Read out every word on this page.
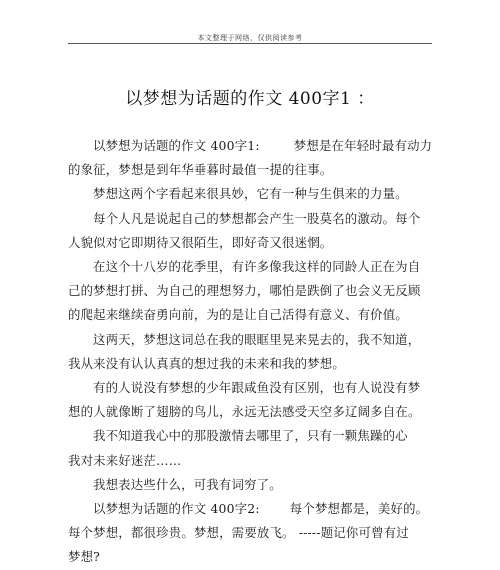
本文整理于网络，仅供阅读参考
以梦想为话题的作文 400字1 ：
以梦想为话题的作文 400字1:	梦想是在年轻时最有动力
的象征，梦想是到年华垂暮时最值一提的往事。
梦想这两个字看起来很具妙，它有一种与生俱来的力量。
每个人凡是说起自己的梦想都会产生一股莫名的激动。每个
人貌似对它即期待又很陌生，即好奇又很迷惘。
在这个十八岁的花季里，有许多像我这样的同龄人正在为自
己的梦想打拼、为自己的理想努力，哪怕是跌倒了也会义无反顾
的爬起来继续奋勇向前，为的是让自己活得有意义、有价值。
这两天，梦想这词总在我的眼眶里晃来晃去的，我不知道，
我从来没有认认真真的想过我的未来和我的梦想。
有的人说没有梦想的少年跟咸鱼没有区别，也有人说没有梦
想的人就像断了翅膀的鸟儿，永远无法感受天空多辽阔多自在。
我不知道我心中的那股激情去哪里了，只有一颗焦躁的心
我对未来好迷茫……
我想表达些什么，可我有词穷了。
以梦想为话题的作文 400字2: 每个梦想都是，美好的。
每个梦想，都很珍贵。梦想，需要放飞。 -----题记你可曾有过
梦想?
